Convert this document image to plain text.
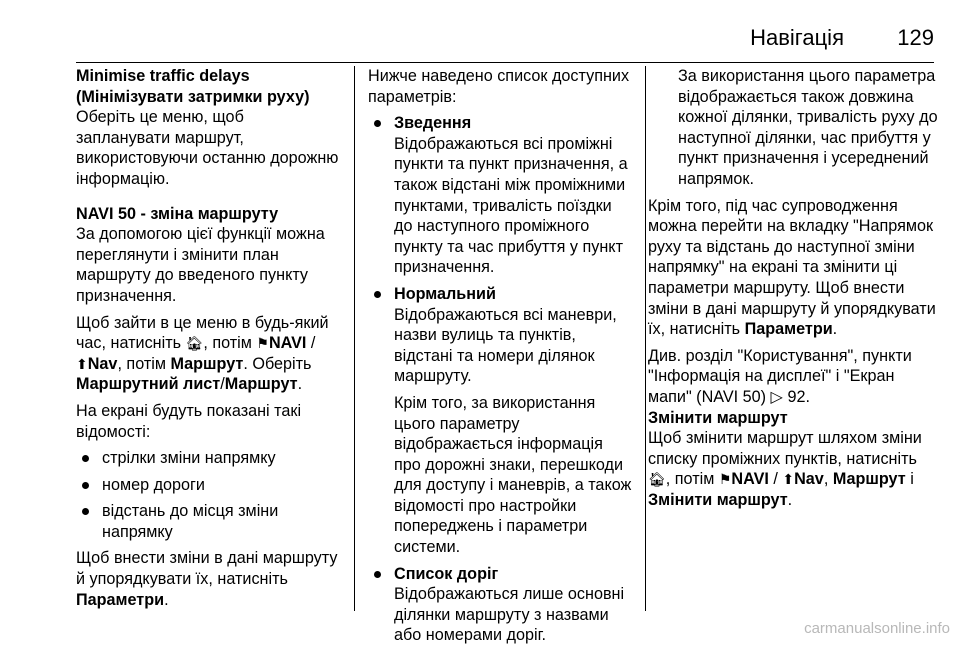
Навігація 129

Minimise traffic delays (Мінімізувати затримки руху)

Оберіть це меню, щоб запланувати маршрут, використовуючи останню дорожню інформацію.

NAVI 50 - зміна маршруту

За допомогою цієї функції можна переглянути і змінити план маршруту до введеного пункту призначення.

Щоб зайти в це меню в будь-який час, натисніть 🏠︎, потім ⚑NAVI / ⬆Nav, потім Маршрут. Оберіть Маршрутний лист/Маршрут.

На екрані будуть показані такі відомості:

стрілки зміни напрямку
номер дороги
відстань до місця зміни напрямку

Щоб внести зміни в дані маршруту й упорядкувати їх, натисніть Параметри.

Нижче наведено список доступних параметрів:

Зведення

Відображаються всі проміжні пункти та пункт призначення, а також відстані між проміжними пунктами, тривалість поїздки до наступного проміжного пункту та час прибуття у пункт призначення.

Нормальний

Відображаються всі маневри, назви вулиць та пунктів, відстані та номери ділянок маршруту.

Крім того, за використання цього параметру відображається інформація про дорожні знаки, перешкоди для доступу і маневрів, а також відомості про настройки попереджень і параметри системи.

Список доріг

Відображаються лише основні ділянки маршруту з назвами або номерами доріг.

За використання цього параметра відображається також довжина кожної ділянки, тривалість руху до наступної ділянки, час прибуття у пункт призначення і усереднений напрямок.

Крім того, під час супроводження можна перейти на вкладку "Напрямок руху та відстань до наступної зміни напрямку" на екрані та змінити ці параметри маршруту. Щоб внести зміни в дані маршруту й упорядкувати їх, натисніть Параметри.

Див. розділ "Користування", пункти "Інформація на дисплеї" і "Екран мапи" (NAVI 50) ▷ 92.

Змінити маршрут

Щоб змінити маршрут шляхом зміни списку проміжних пунктів, натисніть 🏠︎, потім ⚑NAVI / ⬆Nav, Маршрут і Змінити маршрут.

carmanualsonline.info
